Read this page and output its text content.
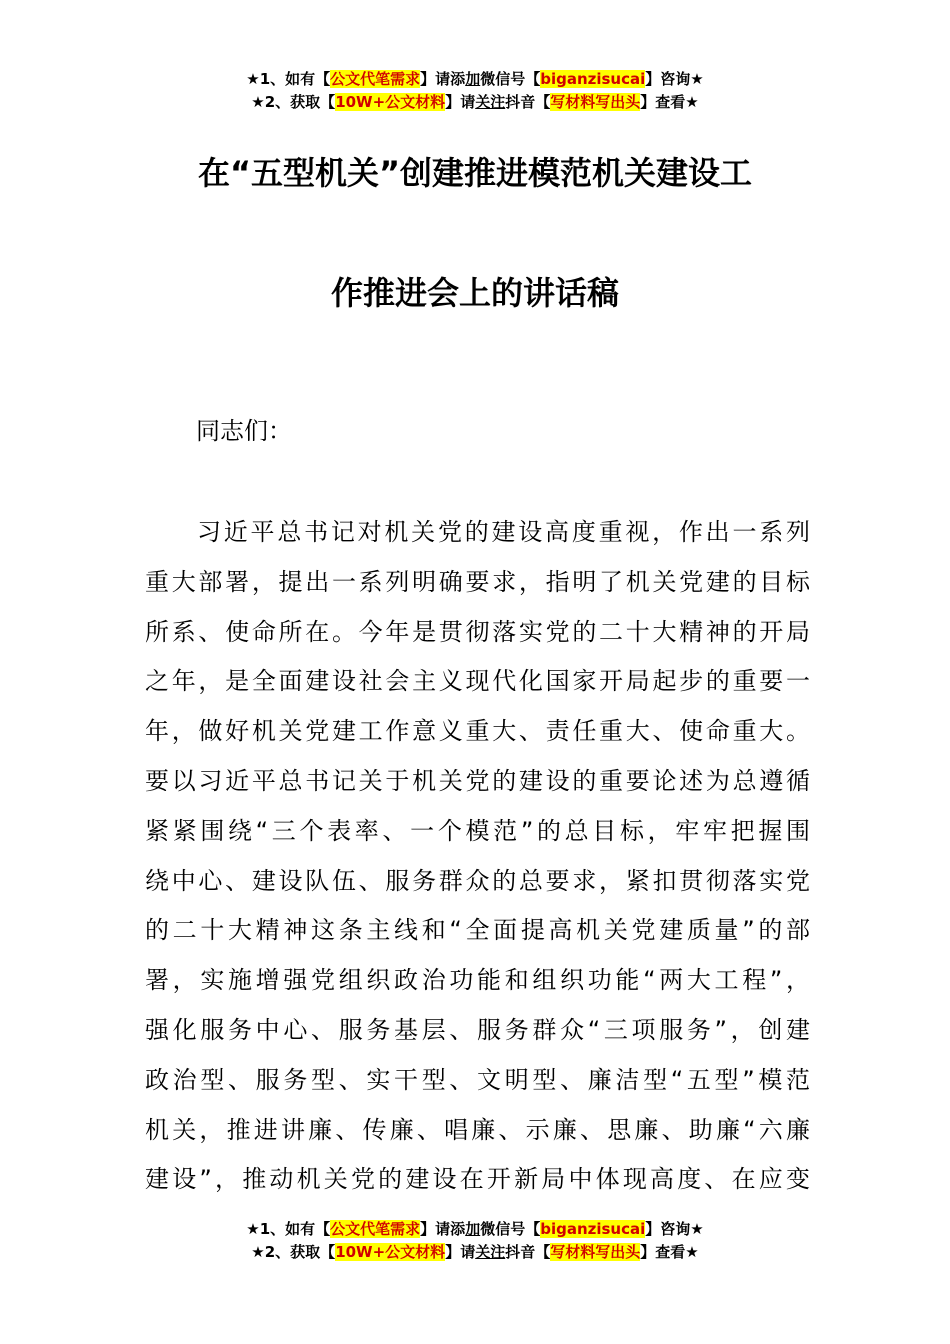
★1、如有【公文代笔需求】请添加微信号【biganzisucai】咨询★
★2、获取【10W+公文材料】请关注抖音【写材料写出头】查看★
在“五型机关”创建推进模范机关建设工
作推进会上的讲话稿
同志们：
习近平总书记对机关党的建设高度重视，作出一系列
重大部署，提出一系列明确要求，指明了机关党建的目标
所系、使命所在。今年是贯彻落实党的二十大精神的开局
之年，是全面建设社会主义现代化国家开局起步的重要一
年，做好机关党建工作意义重大、责任重大、使命重大。
要以习近平总书记关于机关党的建设的重要论述为总遵循
紧紧围绕“三个表率、一个模范”的总目标，牢牢把握围
绕中心、建设队伍、服务群众的总要求，紧扣贯彻落实党
的二十大精神这条主线和“全面提高机关党建质量”的部
署，实施增强党组织政治功能和组织功能“两大工程”，
强化服务中心、服务基层、服务群众“三项服务”，创建
政治型、服务型、实干型、文明型、廉洁型“五型”模范
机关，推进讲廉、传廉、唱廉、示廉、思廉、助廉“六廉
建设”，推动机关党的建设在开新局中体现高度、在应变
★1、如有【公文代笔需求】请添加微信号【biganzisucai】咨询★
★2、获取【10W+公文材料】请关注抖音【写材料写出头】查看★
